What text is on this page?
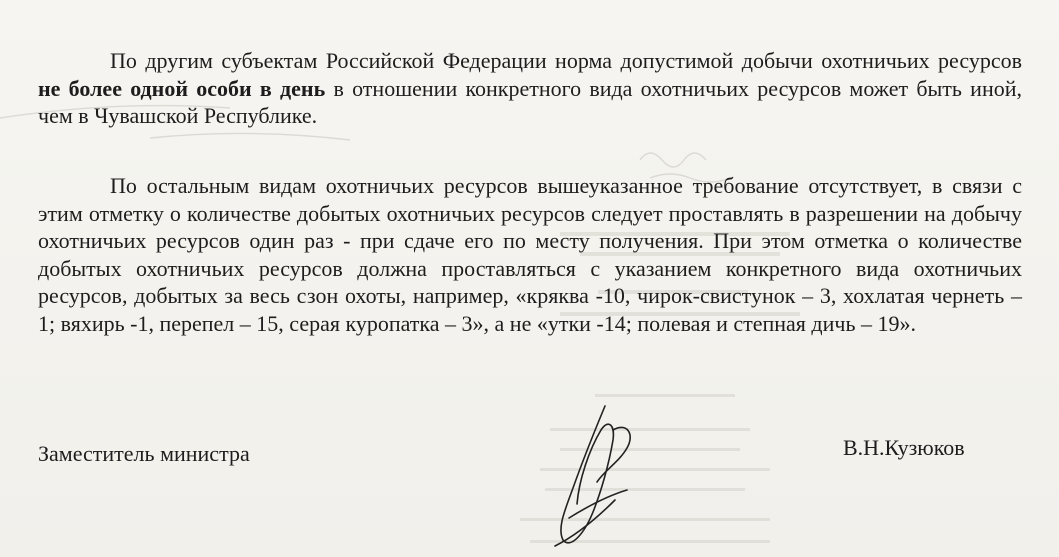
По другим субъектам Российской Федерации норма допустимой добычи охотничьих ресурсов не более одной особи в день в отношении конкретного вида охотничьих ресурсов может быть иной, чем в Чувашской Республике.
По остальным видам охотничьих ресурсов вышеуказанное требование отсутствует, в связи с этим отметку о количестве добытых охотничьих ресурсов следует проставлять в разрешении на добычу охотничьих ресурсов один раз - при сдаче его по месту получения. При этом отметка о количестве добытых охотничьих ресурсов должна проставляться с указанием конкретного вида охотничьих ресурсов, добытых за весь сзон охоты, например, «кряква -10, чирок-свистунок – 3, хохлатая чернеть – 1; вяхирь -1, перепел – 15, серая куропатка – 3», а не «утки -14; полевая и степная дичь – 19».
Заместитель министра	В.Н.Кузюков
